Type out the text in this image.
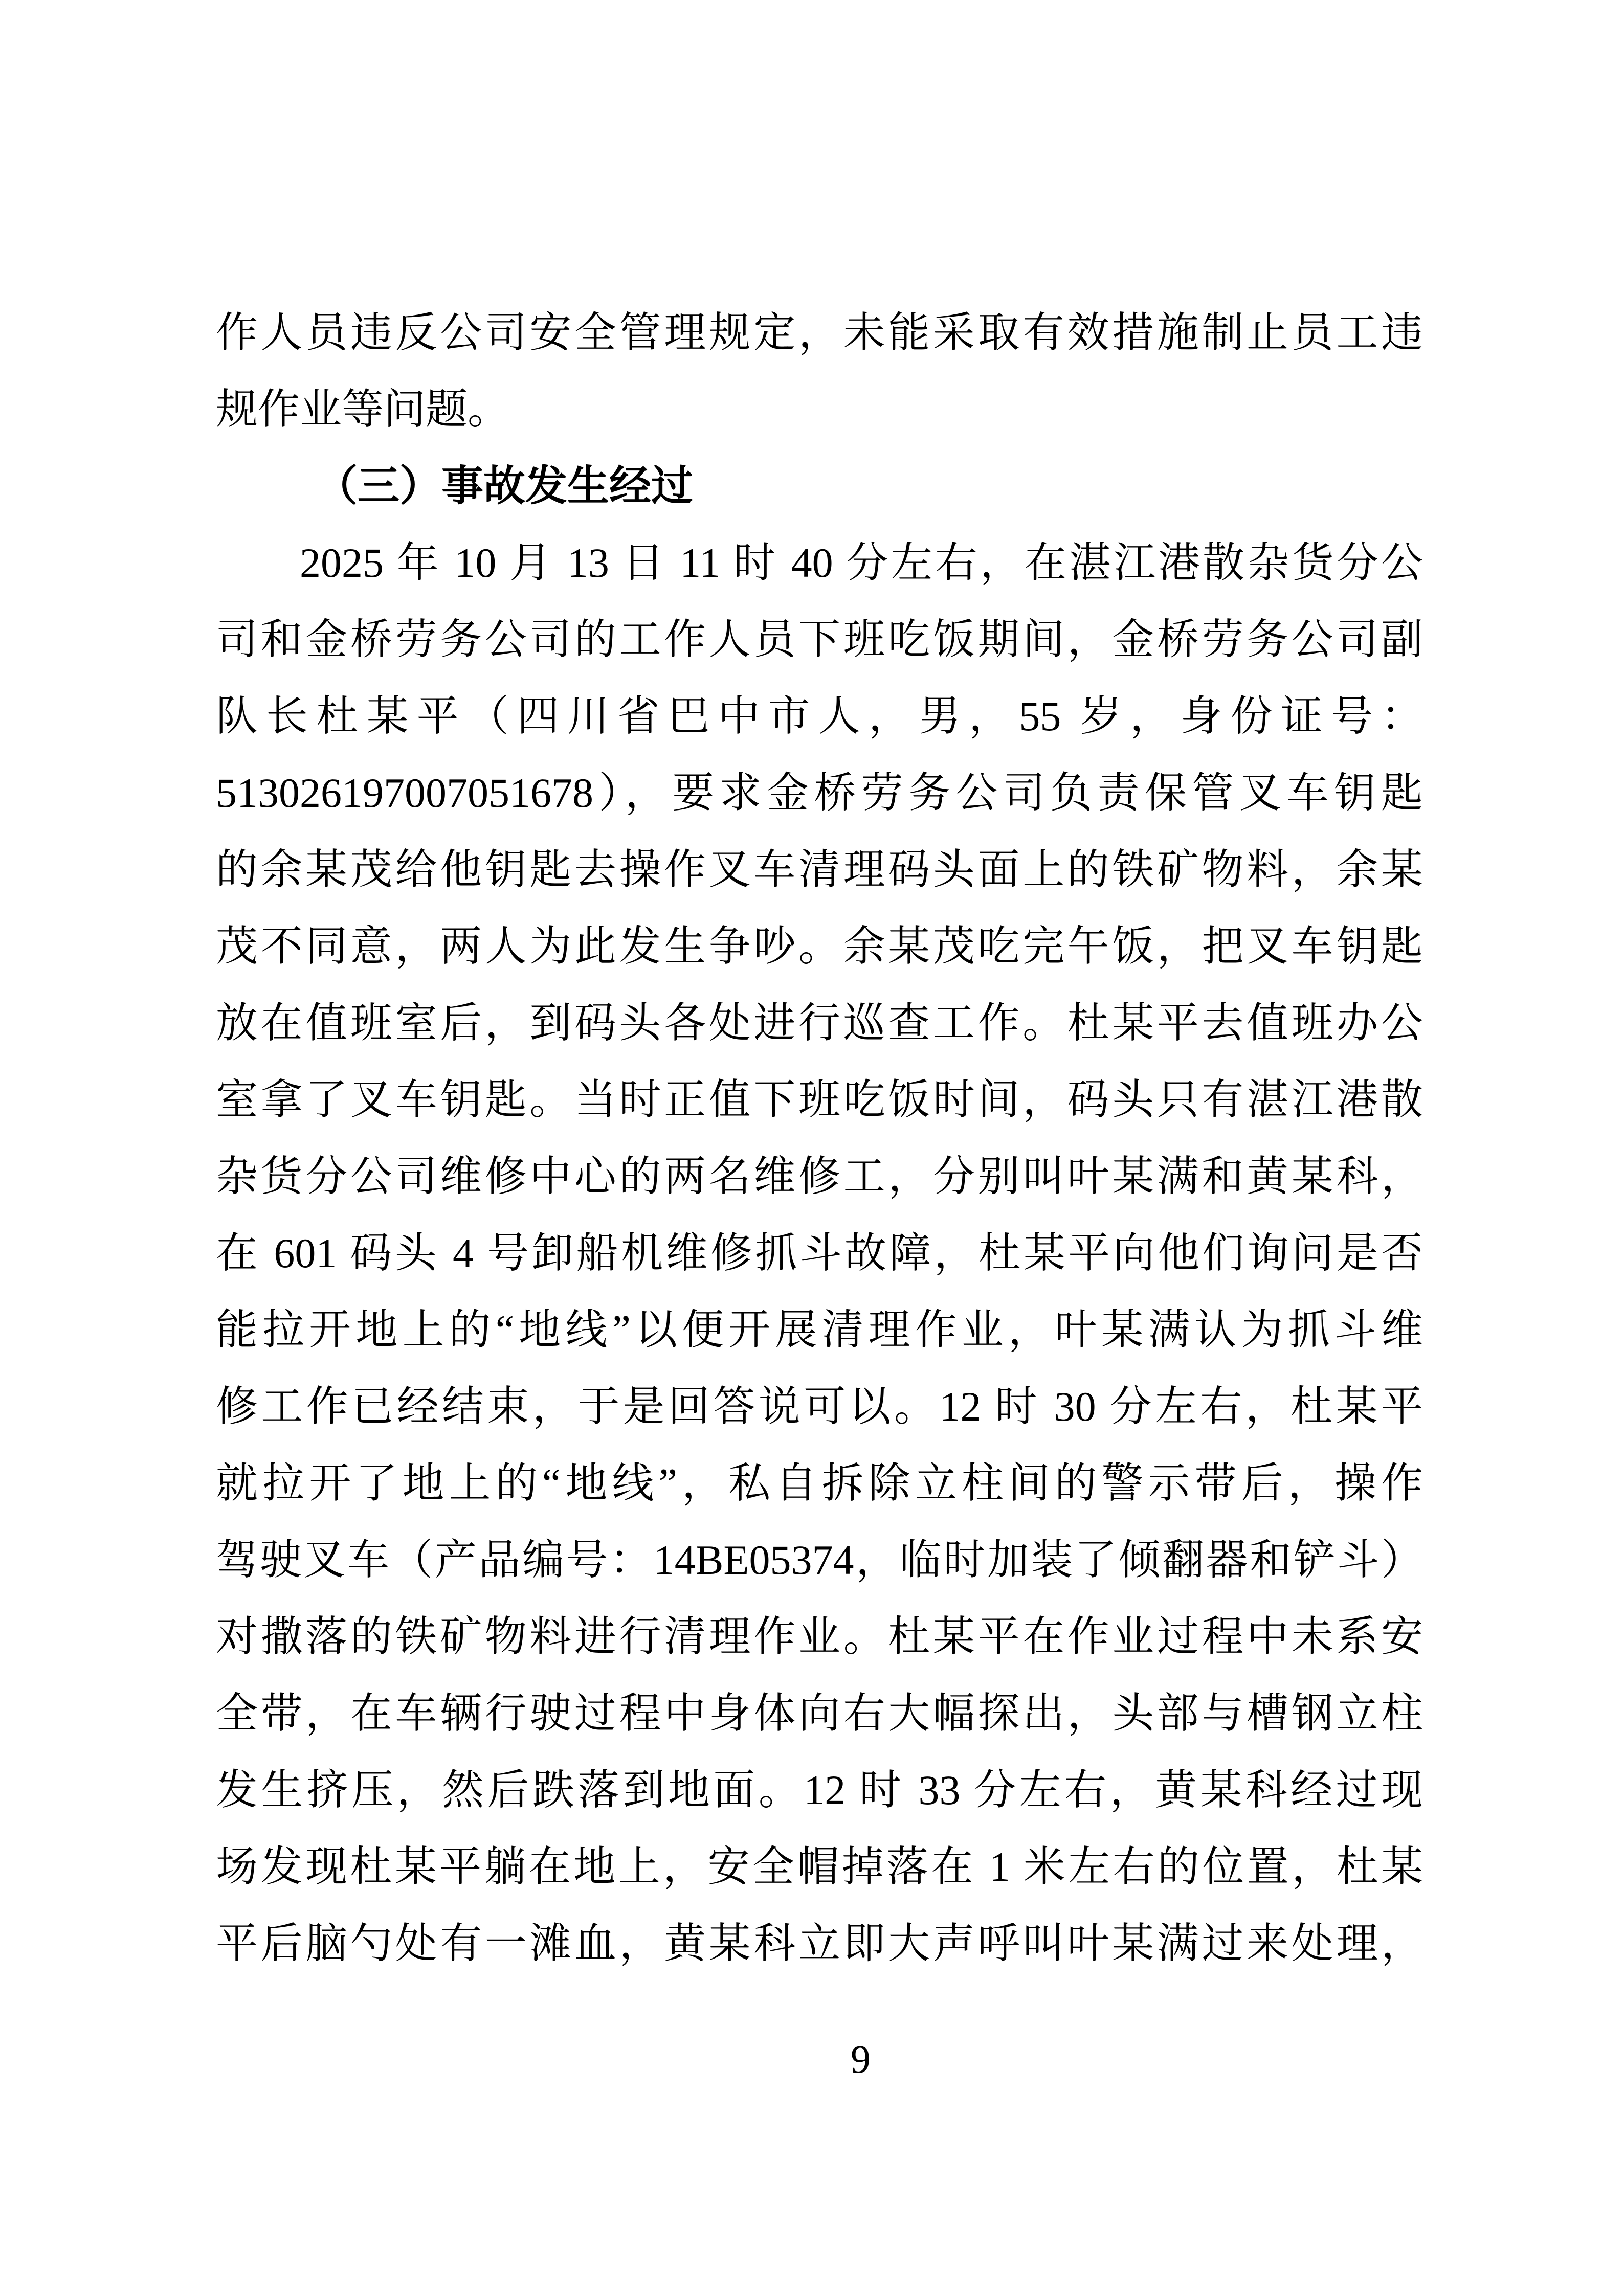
作人员违反公司安全管理规定，未能采取有效措施制止员工违
规作业等问题。
（三）事故发生经过
2025 年 10 月 13 日 11 时 40 分左右，在湛江港散杂货分公
司和金桥劳务公司的工作人员下班吃饭期间，金桥劳务公司副
队长杜某平（四川省巴中市人，男，55 岁，身份证号：
513026197007051678），要求金桥劳务公司负责保管叉车钥匙
的余某茂给他钥匙去操作叉车清理码头面上的铁矿物料，余某
茂不同意，两人为此发生争吵。余某茂吃完午饭，把叉车钥匙
放在值班室后，到码头各处进行巡查工作。杜某平去值班办公
室拿了叉车钥匙。当时正值下班吃饭时间，码头只有湛江港散
杂货分公司维修中心的两名维修工，分别叫叶某满和黄某科，
在 601 码头 4 号卸船机维修抓斗故障，杜某平向他们询问是否
能拉开地上的“地线”以便开展清理作业，叶某满认为抓斗维
修工作已经结束，于是回答说可以。12 时 30 分左右，杜某平
就拉开了地上的“地线”，私自拆除立柱间的警示带后，操作
驾驶叉车（产品编号：14BE05374，临时加装了倾翻器和铲斗）
对撒落的铁矿物料进行清理作业。杜某平在作业过程中未系安
全带，在车辆行驶过程中身体向右大幅探出，头部与槽钢立柱
发生挤压，然后跌落到地面。12 时 33 分左右，黄某科经过现
场发现杜某平躺在地上，安全帽掉落在 1 米左右的位置，杜某
平后脑勺处有一滩血，黄某科立即大声呼叫叶某满过来处理，
9
